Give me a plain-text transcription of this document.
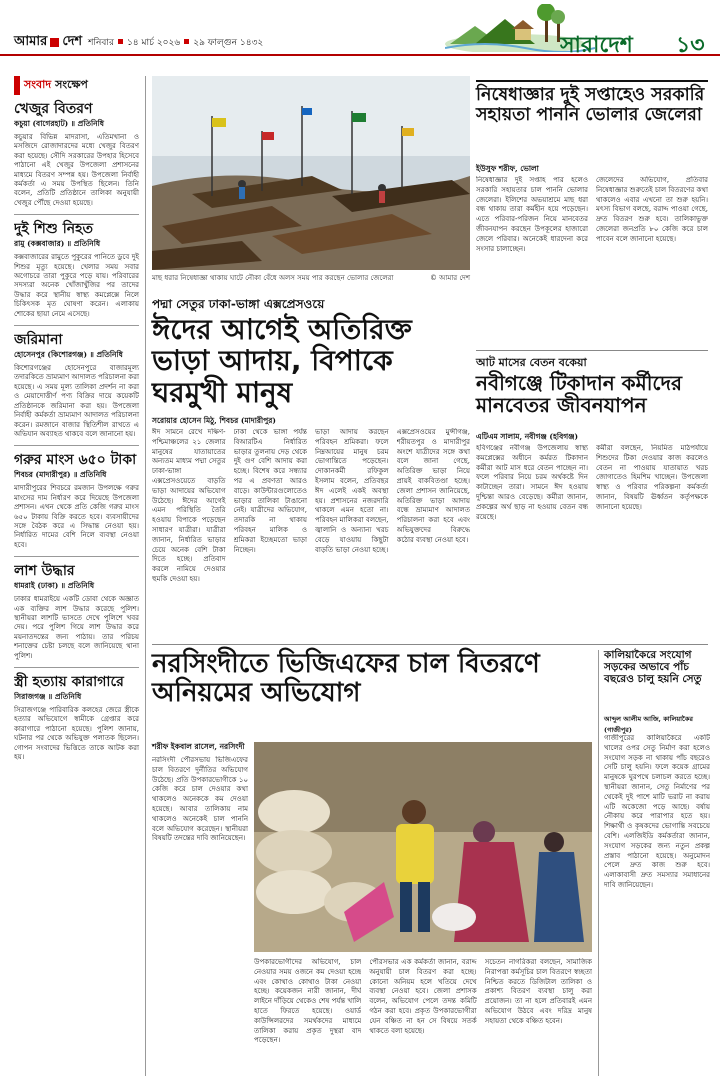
আমার দেশ শনিবার ১৪ মার্চ ২০২৬ ২৯ ফাল্গুন ১৪৩২	সারাদেশ ১৩
সংবাদ সংক্ষেপ
খেজুর বিতরণ
কচুয়া (বাগেরহাট) ॥ প্রতিনিধি

কচুয়ার বিভিন্ন মাদরাসা, এতিমখানা ও মসজিদে রোজাদারদের মধ্যে খেজুর বিতরণ করা হয়েছে। সৌদি সরকারের উপহার হিসেবে পাঠানো এই খেজুর উপজেলা প্রশাসনের মাধ্যমে বিতরণ সম্পন্ন হয়। উপজেলা নির্বাহী কর্মকর্তা এ সময় উপস্থিত ছিলেন। তিনি বলেন, প্রতিটি প্রতিষ্ঠানে তালিকা অনুযায়ী খেজুর পৌঁছে দেওয়া হয়েছে।

দুই শিশু নিহত
রামু (কক্সবাজার) ॥ প্রতিনিধি

কক্সবাজারের রামুতে পুকুরের পানিতে ডুবে দুই শিশুর মৃত্যু হয়েছে। খেলার সময় সবার অগোচরে তারা পুকুরে পড়ে যায়। পরিবারের সদস্যরা অনেক খোঁজাখুঁজির পর তাদের উদ্ধার করে স্থানীয় স্বাস্থ্য কমপ্লেক্সে নিলে চিকিৎসক মৃত ঘোষণা করেন। এলাকায় শোকের ছায়া নেমে এসেছে।

জরিমানা
হোসেনপুর (কিশোরগঞ্জ) ॥ প্রতিনিধি

কিশোরগঞ্জের হোসেনপুরে বাজারমূল্য তদারকিতে ভ্রাম্যমাণ আদালত পরিচালনা করা হয়েছে। এ সময় মূল্য তালিকা প্রদর্শন না করা ও মেয়াদোত্তীর্ণ পণ্য বিক্রির দায়ে কয়েকটি প্রতিষ্ঠানকে জরিমানা করা হয়। উপজেলা নির্বাহী কর্মকর্তা ভ্রাম্যমাণ আদালত পরিচালনা করেন। রমজানে বাজার স্থিতিশীল রাখতে এ অভিযান অব্যাহত থাকবে বলে জানানো হয়।

গরুর মাংস ৬৫০ টাকা
শিবচর (মাদারীপুর) ॥ প্রতিনিধি

মাদারীপুরের শিবচরে রমজান উপলক্ষে গরুর মাংসের দাম নির্ধারণ করে দিয়েছে উপজেলা প্রশাসন। এখন থেকে প্রতি কেজি গরুর মাংস ৬৫০ টাকায় বিক্রি করতে হবে। ব্যবসায়ীদের সঙ্গে বৈঠক করে এ সিদ্ধান্ত নেওয়া হয়। নির্ধারিত দামের বেশি নিলে ব্যবস্থা নেওয়া হবে।

লাশ উদ্ধার
ধামরাই (ঢাকা) ॥ প্রতিনিধি

ঢাকার ধামরাইয়ে একটি ডোবা থেকে অজ্ঞাত এক ব্যক্তির লাশ উদ্ধার করেছে পুলিশ। স্থানীয়রা লাশটি ভাসতে দেখে পুলিশে খবর দেয়। পরে পুলিশ গিয়ে লাশ উদ্ধার করে ময়নাতদন্তের জন্য পাঠায়। তার পরিচয় শনাক্তের চেষ্টা চলছে বলে জানিয়েছে থানা পুলিশ।

স্ত্রী হত্যায় কারাগারে
সিরাজগঞ্জ ॥ প্রতিনিধি

সিরাজগঞ্জে পারিবারিক কলহের জেরে স্ত্রীকে হত্যার অভিযোগে স্বামীকে গ্রেপ্তার করে কারাগারে পাঠানো হয়েছে। পুলিশ জানায়, ঘটনার পর থেকে অভিযুক্ত পলাতক ছিলেন। গোপন সংবাদের ভিত্তিতে তাকে আটক করা হয়।

মাছ ধরার নিষেধাজ্ঞা থাকায় ঘাটে নৌকা বেঁধে অলস সময় পার করছেন ভোলার জেলেরা	© আমার দেশ
নিষেধাজ্ঞার দুই সপ্তাহেও সরকারি সহায়তা পাননি ভোলার জেলেরা
ইউসুফ শরীফ, ভোলা
নিষেধাজ্ঞার দুই সপ্তাহ পার হলেও সরকারি সহায়তার চাল পাননি ভোলার জেলেরা। ইলিশের অভয়াশ্রমে মাছ ধরা বন্ধ থাকায় তারা কর্মহীন হয়ে পড়েছেন। এতে পরিবার-পরিজন নিয়ে মানবেতর জীবনযাপন করছেন উপকূলের হাজারো জেলে পরিবার। অনেকেই ধারদেনা করে সংসার চালাচ্ছেন।
জেলেদের অভিযোগ, প্রতিবার নিষেধাজ্ঞার শুরুতেই চাল বিতরণের কথা থাকলেও এবার এখনো তা শুরু হয়নি। মৎস্য বিভাগ বলছে, বরাদ্দ পাওয়া গেছে, দ্রুত বিতরণ শুরু হবে। তালিকাভুক্ত জেলেরা জনপ্রতি ৮০ কেজি করে চাল পাবেন বলে জানানো হয়েছে।
পদ্মা সেতুর ঢাকা-ভাঙ্গা এক্সপ্রেসওয়ে
ঈদের আগেই অতিরিক্ত ভাড়া আদায়, বিপাকে ঘরমুখী মানুষ
সরোয়ার হোসেন মিঠু, শিবচর (মাদারীপুর)
ঈদ সামনে রেখে দক্ষিণ-পশ্চিমাঞ্চলের ২১ জেলার মানুষের যাতায়াতের অন্যতম মাধ্যম পদ্মা সেতুর ঢাকা-ভাঙ্গা এক্সপ্রেসওয়েতে বাড়তি ভাড়া আদায়ের অভিযোগ উঠেছে। ঈদের আগেই এমন পরিস্থিতি তৈরি হওয়ায় বিপাকে পড়েছেন সাধারণ যাত্রীরা। যাত্রীরা জানান, নির্ধারিত ভাড়ার চেয়ে অনেক বেশি টাকা দিতে হচ্ছে। প্রতিবাদ করলে নামিয়ে দেওয়ার হুমকি দেওয়া হয়।
ঢাকা থেকে ভাঙ্গা পর্যন্ত বিআরটিএ নির্ধারিত ভাড়ার তুলনায় দেড় থেকে দুই গুণ বেশি আদায় করা হচ্ছে। বিশেষ করে সন্ধ্যার পর এ প্রবণতা আরও বাড়ে। কাউন্টারগুলোতেও ভাড়ার তালিকা টাঙানো নেই। যাত্রীদের অভিযোগ, তদারকি না থাকায় পরিবহন মালিক ও শ্রমিকরা ইচ্ছেমতো ভাড়া নিচ্ছেন।
ভাড়া আদায় করছেন পরিবহন শ্রমিকরা। ফলে নিম্নআয়ের মানুষ চরম ভোগান্তিতে পড়েছেন। দোকানকর্মী রফিকুল ইসলাম বলেন, প্রতিবছর ঈদ এলেই একই অবস্থা হয়। প্রশাসনের নজরদারি থাকলে এমন হতো না। পরিবহন মালিকরা বলছেন, জ্বালানি ও অন্যান্য খরচ বেড়ে যাওয়ায় কিছুটা বাড়তি ভাড়া নেওয়া হচ্ছে।
এক্সপ্রেসওয়ের মুন্সীগঞ্জ, শরীয়তপুর ও মাদারীপুর অংশে যাত্রীদের সঙ্গে কথা বলে জানা গেছে, অতিরিক্ত ভাড়া নিয়ে প্রায়ই বাকবিতণ্ডা হচ্ছে। জেলা প্রশাসন জানিয়েছে, অতিরিক্ত ভাড়া আদায় বন্ধে ভ্রাম্যমাণ আদালত পরিচালনা করা হবে এবং অভিযুক্তদের বিরুদ্ধে কঠোর ব্যবস্থা নেওয়া হবে।
আট মাসের বেতন বকেয়া
নবীগঞ্জে টিকাদান কর্মীদের মানবেতর জীবনযাপন
এটিএম সালাম, নবীগঞ্জ (হবিগঞ্জ)
হবিগঞ্জের নবীগঞ্জ উপজেলায় স্বাস্থ্য কমপ্লেক্সের অধীনে কর্মরত টিকাদান কর্মীরা আট মাস ধরে বেতন পাচ্ছেন না। ফলে পরিবার নিয়ে চরম অর্থকষ্টে দিন কাটাচ্ছেন তারা। সামনে ঈদ হওয়ায় দুশ্চিন্তা আরও বেড়েছে। কর্মীরা জানান, প্রকল্পের অর্থ ছাড় না হওয়ায় বেতন বন্ধ রয়েছে।
কর্মীরা বলছেন, নিয়মিত মাঠপর্যায়ে শিশুদের টিকা দেওয়ার কাজ করলেও বেতন না পাওয়ায় যাতায়াত খরচ জোগাতেও হিমশিম খাচ্ছেন। উপজেলা স্বাস্থ্য ও পরিবার পরিকল্পনা কর্মকর্তা জানান, বিষয়টি ঊর্ধ্বতন কর্তৃপক্ষকে জানানো হয়েছে।
নরসিংদীতে ভিজিএফের চাল বিতরণে অনিয়মের অভিযোগ
শরীফ ইকবাল রাসেল, নরসিংদী
নরসিংদী পৌরসভায় ভিজিএফের চাল বিতরণে দুর্নীতির অভিযোগ উঠেছে। প্রতি উপকারভোগীকে ১০ কেজি করে চাল দেওয়ার কথা থাকলেও অনেককে কম দেওয়া হয়েছে। আবার তালিকায় নাম থাকলেও অনেকেই চাল পাননি বলে অভিযোগ করেছেন। স্থানীয়রা বিষয়টি তদন্তের দাবি জানিয়েছেন।
উপকারভোগীদের অভিযোগ, চাল নেওয়ার সময় ওজনে কম দেওয়া হচ্ছে এবং কোথাও কোথাও টাকা নেওয়া হচ্ছে। কয়েকজন নারী জানান, দীর্ঘ লাইনে দাঁড়িয়ে থেকেও শেষ পর্যন্ত খালি হাতে ফিরতে হয়েছে। ওয়ার্ড কাউন্সিলরদের সমর্থকদের মাধ্যমে তালিকা করায় প্রকৃত দুস্থরা বাদ পড়েছেন।
পৌরসভার এক কর্মকর্তা জানান, বরাদ্দ অনুযায়ী চাল বিতরণ করা হচ্ছে। কোনো অনিয়ম হলে খতিয়ে দেখে ব্যবস্থা নেওয়া হবে। জেলা প্রশাসক বলেন, অভিযোগ পেলে তদন্ত কমিটি গঠন করা হবে। প্রকৃত উপকারভোগীরা যেন বঞ্চিত না হন সে বিষয়ে সতর্ক থাকতে বলা হয়েছে।
সচেতন নাগরিকরা বলছেন, সামাজিক নিরাপত্তা কর্মসূচির চাল বিতরণে স্বচ্ছতা নিশ্চিত করতে ডিজিটাল তালিকা ও প্রকাশ্য বিতরণ ব্যবস্থা চালু করা প্রয়োজন। তা না হলে প্রতিবারই এমন অভিযোগ উঠবে এবং দরিদ্র মানুষ সহায়তা থেকে বঞ্চিত হবেন।
কালিয়াকৈরে সংযোগ সড়কের অভাবে পাঁচ বছরেও চালু হয়নি সেতু
আব্দুল আলীম আজি, কালিয়াকৈর (গাজীপুর)
গাজীপুরের কালিয়াকৈরে একটি খালের ওপর সেতু নির্মাণ করা হলেও সংযোগ সড়ক না থাকায় পাঁচ বছরেও সেটি চালু হয়নি। ফলে কয়েক গ্রামের মানুষকে ঘুরপথে চলাচল করতে হচ্ছে। স্থানীয়রা জানান, সেতু নির্মাণের পর থেকেই দুই পাশে মাটি ভরাট না করায় এটি অকেজো পড়ে আছে। বর্ষায় নৌকায় করে পারাপার হতে হয়। শিক্ষার্থী ও কৃষকদের ভোগান্তি সবচেয়ে বেশি। এলজিইডি কর্মকর্তারা জানান, সংযোগ সড়কের জন্য নতুন প্রকল্প প্রস্তাব পাঠানো হয়েছে। অনুমোদন পেলে দ্রুত কাজ শুরু হবে। এলাকাবাসী দ্রুত সমস্যার সমাধানের দাবি জানিয়েছেন।
